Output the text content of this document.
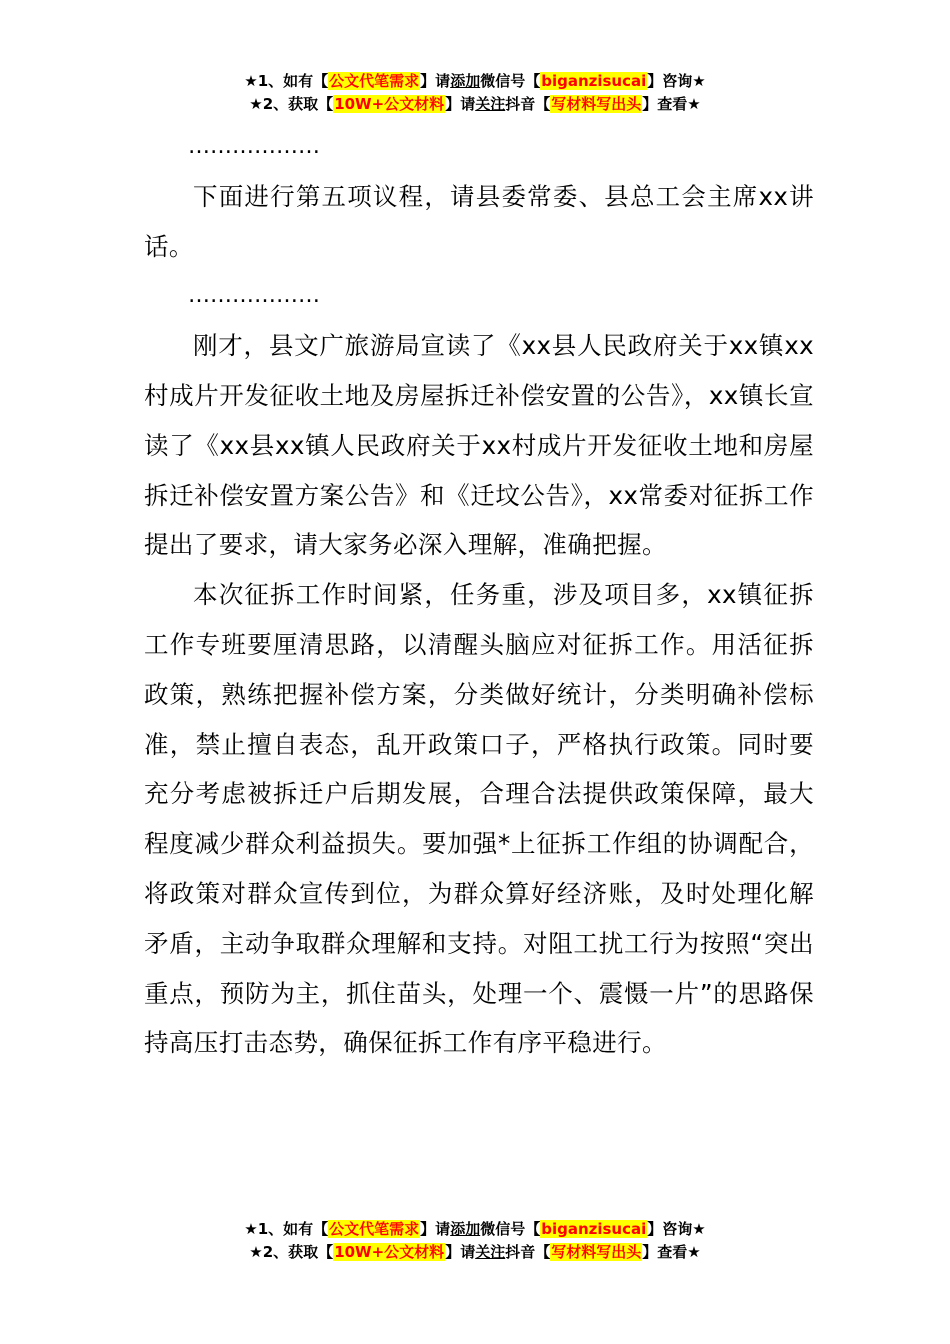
★1、如有【公文代笔需求】请添加微信号【biganzisucai】咨询★
★2、获取【10W+公文材料】请关注抖音【写材料写出头】查看★

………………

下面进行第五项议程，请县委常委、县总工会主席xx讲话。

………………

刚才，县文广旅游局宣读了《xx县人民政府关于xx镇xx村成片开发征收土地及房屋拆迁补偿安置的公告》，xx镇长宣读了《xx县xx镇人民政府关于xx村成片开发征收土地和房屋拆迁补偿安置方案公告》和《迁坟公告》，xx常委对征拆工作提出了要求，请大家务必深入理解，准确把握。

本次征拆工作时间紧，任务重，涉及项目多，xx镇征拆工作专班要厘清思路，以清醒头脑应对征拆工作。用活征拆政策，熟练把握补偿方案，分类做好统计，分类明确补偿标准，禁止擅自表态，乱开政策口子，严格执行政策。同时要充分考虑被拆迁户后期发展，合理合法提供政策保障，最大程度减少群众利益损失。要加强*上征拆工作组的协调配合，将政策对群众宣传到位，为群众算好经济账，及时处理化解矛盾，主动争取群众理解和支持。对阻工扰工行为按照“突出重点，预防为主，抓住苗头，处理一个、震慑一片”的思路保持高压打击态势，确保征拆工作有序平稳进行。

★1、如有【公文代笔需求】请添加微信号【biganzisucai】咨询★
★2、获取【10W+公文材料】请关注抖音【写材料写出头】查看★
